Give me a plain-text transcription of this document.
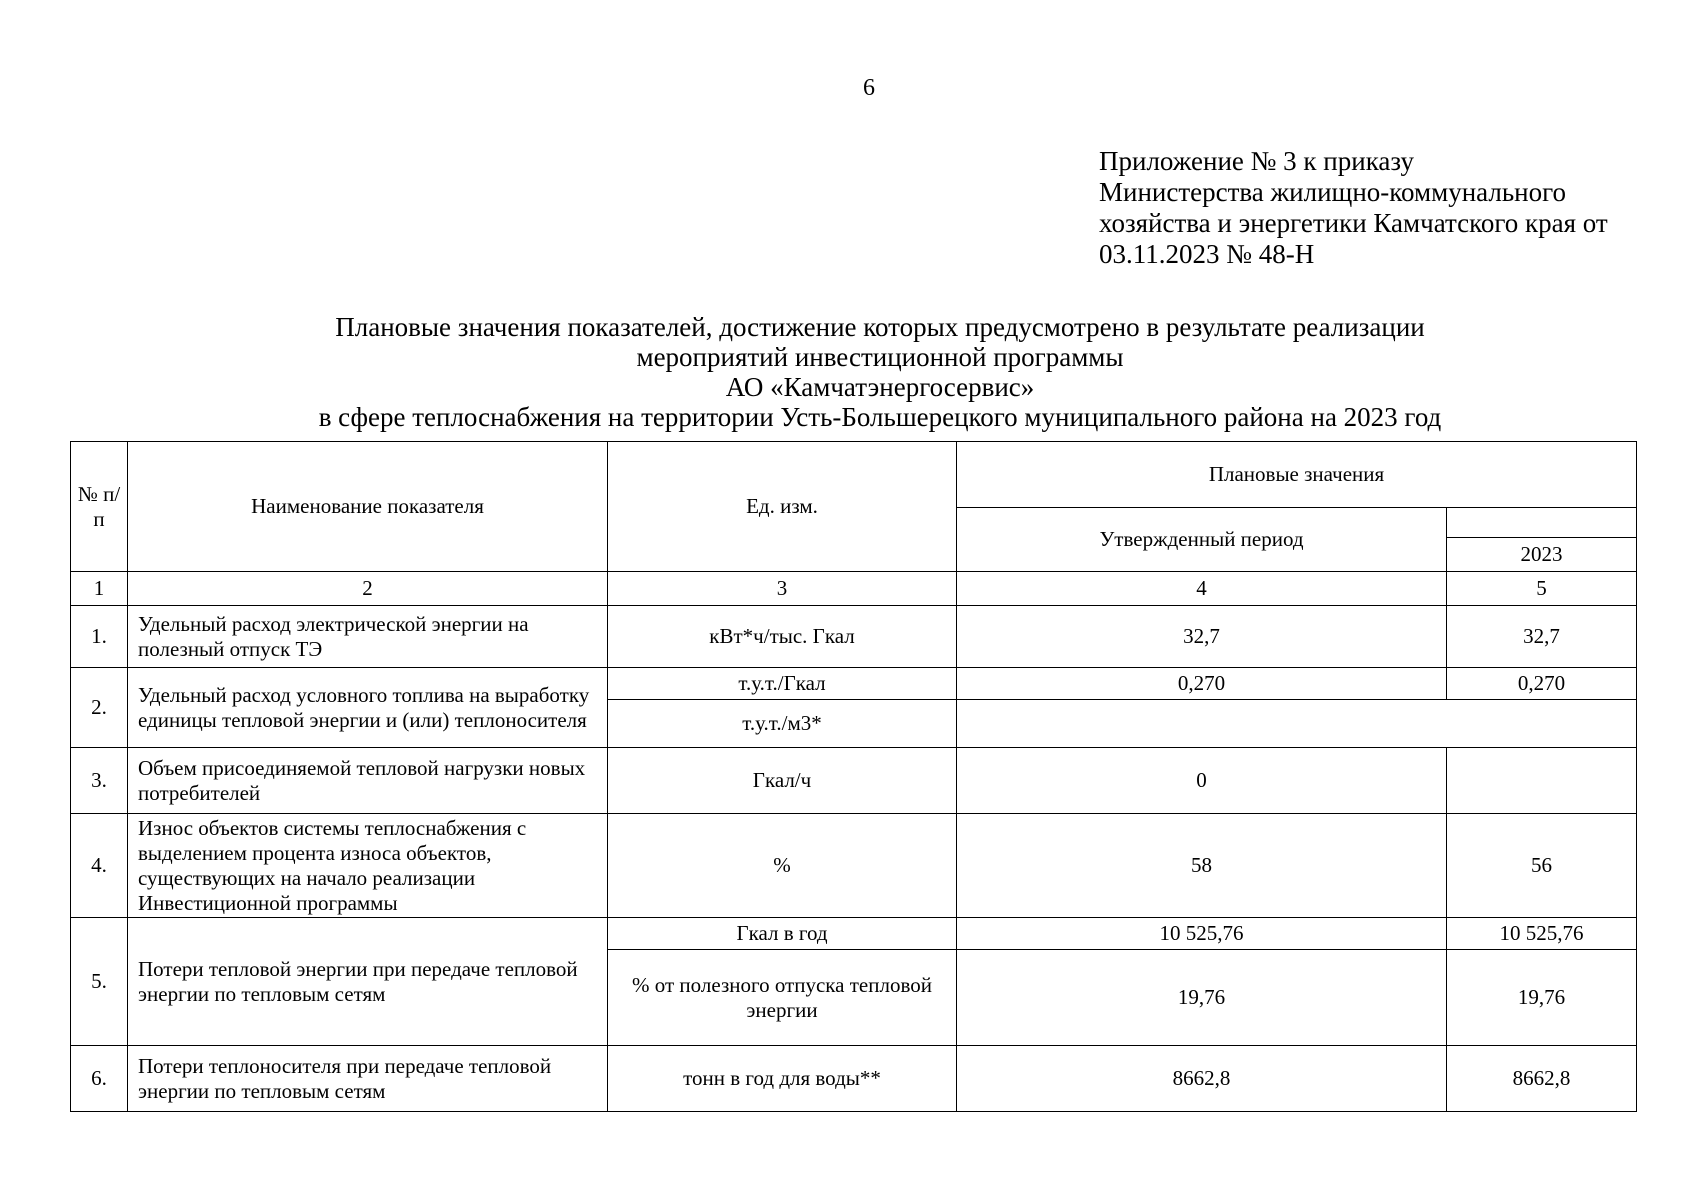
6
Приложение № 3 к приказу
Министерства жилищно-коммунального
хозяйства и энергетики Камчатского края от
03.11.2023 № 48-Н
Плановые значения показателей, достижение которых предусмотрено в результате реализации
мероприятий инвестиционной программы
АО «Камчатэнергосервис»
в сфере теплоснабжения на территории Усть-Большерецкого муниципального района на 2023 год
№ п/п	Наименование показателя	Ед. изм.	Плановые значения	
			Утвержденный период	
				2023
1	2	3	4	5
1.	Удельный расход электрической энергии на полезный отпуск ТЭ	кВт*ч/тыс. Гкал	32,7	32,7
2.	Удельный расход условного топлива на выработку единицы тепловой энергии и (или) теплоносителя	т.у.т./Гкал	0,270	0,270
		т.у.т./м3*		
3.	Объем присоединяемой тепловой нагрузки новых потребителей	Гкал/ч	0	
4.	Износ объектов системы теплоснабжения с выделением процента износа объектов, существующих на начало реализации Инвестиционной программы	%	58	56
5.	Потери тепловой энергии при передаче тепловой энергии по тепловым сетям	Гкал в год	10 525,76	10 525,76
		% от полезного отпуска тепловой энергии	19,76	19,76
6.	Потери теплоносителя при передаче тепловой энергии по тепловым сетям	тонн в год для воды**	8662,8	8662,8
